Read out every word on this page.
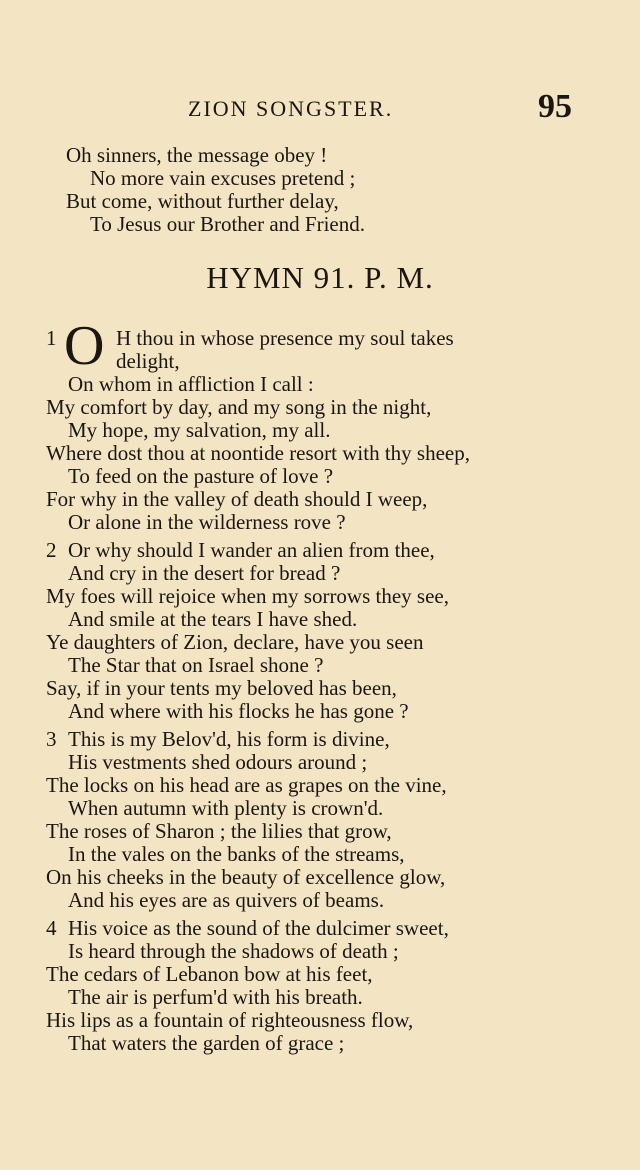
ZION SONGSTER.	95
Oh sinners, the message obey !
No more vain excuses pretend ;
But come, without further delay,
To Jesus our Brother and Friend.
HYMN 91. P. M.
1 O H thou in whose presence my soul takes
delight,
On whom in affliction I call :
My comfort by day, and my song in the night,
My hope, my salvation, my all.
Where dost thou at noontide resort with thy sheep,
To feed on the pasture of love ?
For why in the valley of death should I weep,
Or alone in the wilderness rove ?
2 Or why should I wander an alien from thee,
And cry in the desert for bread ?
My foes will rejoice when my sorrows they see,
And smile at the tears I have shed.
Ye daughters of Zion, declare, have you seen
The Star that on Israel shone ?
Say, if in your tents my beloved has been,
And where with his flocks he has gone ?
3 This is my Belov'd, his form is divine,
His vestments shed odours around ;
The locks on his head are as grapes on the vine,
When autumn with plenty is crown'd.
The roses of Sharon ; the lilies that grow,
In the vales on the banks of the streams,
On his cheeks in the beauty of excellence glow,
And his eyes are as quivers of beams.
4 His voice as the sound of the dulcimer sweet,
Is heard through the shadows of death ;
The cedars of Lebanon bow at his feet,
The air is perfum'd with his breath.
His lips as a fountain of righteousness flow,
That waters the garden of grace ;
